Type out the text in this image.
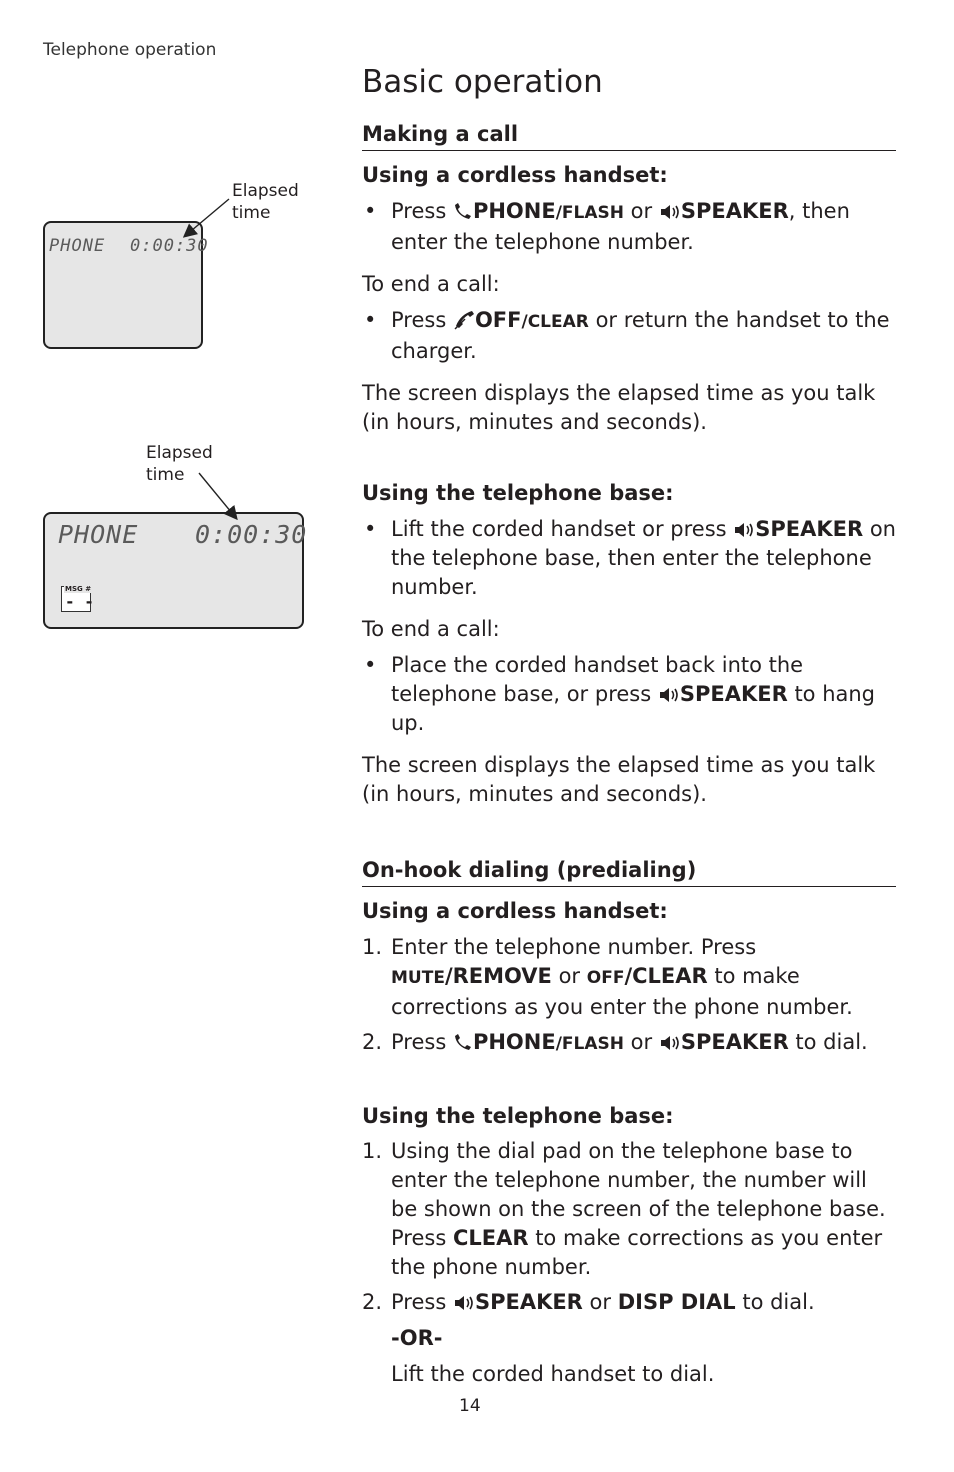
Telephone operation
14
Elapsed time
PHONE 0:00:30
Elapsed time
PHONE 0:00:30
MSG #
- -
Basic operation
Making a call
Using a cordless handset:
• Press PHONE/FLASH or SPEAKER, then enter the telephone number.

To end a call:

• Press OFF/CLEAR or return the handset to the charger.

The screen displays the elapsed time as you talk (in hours, minutes and seconds).

Using the telephone base:
• Lift the corded handset or press SPEAKER on the telephone base, then enter the telephone number.

To end a call:

• Place the corded handset back into the telephone base, or press SPEAKER to hang up.

The screen displays the elapsed time as you talk (in hours, minutes and seconds).

On-hook dialing (predialing)
Using a cordless handset:
1. Enter the telephone number. Press MUTE/REMOVE or OFF/CLEAR to make corrections as you enter the phone number.
2. Press PHONE/FLASH or SPEAKER to dial.
Using the telephone base:
1. Using the dial pad on the telephone base to enter the telephone number, the number will be shown on the screen of the telephone base. Press CLEAR to make corrections as you enter the phone number.
2. Press SPEAKER or DISP DIAL to dial.

-OR-

Lift the corded handset to dial.
